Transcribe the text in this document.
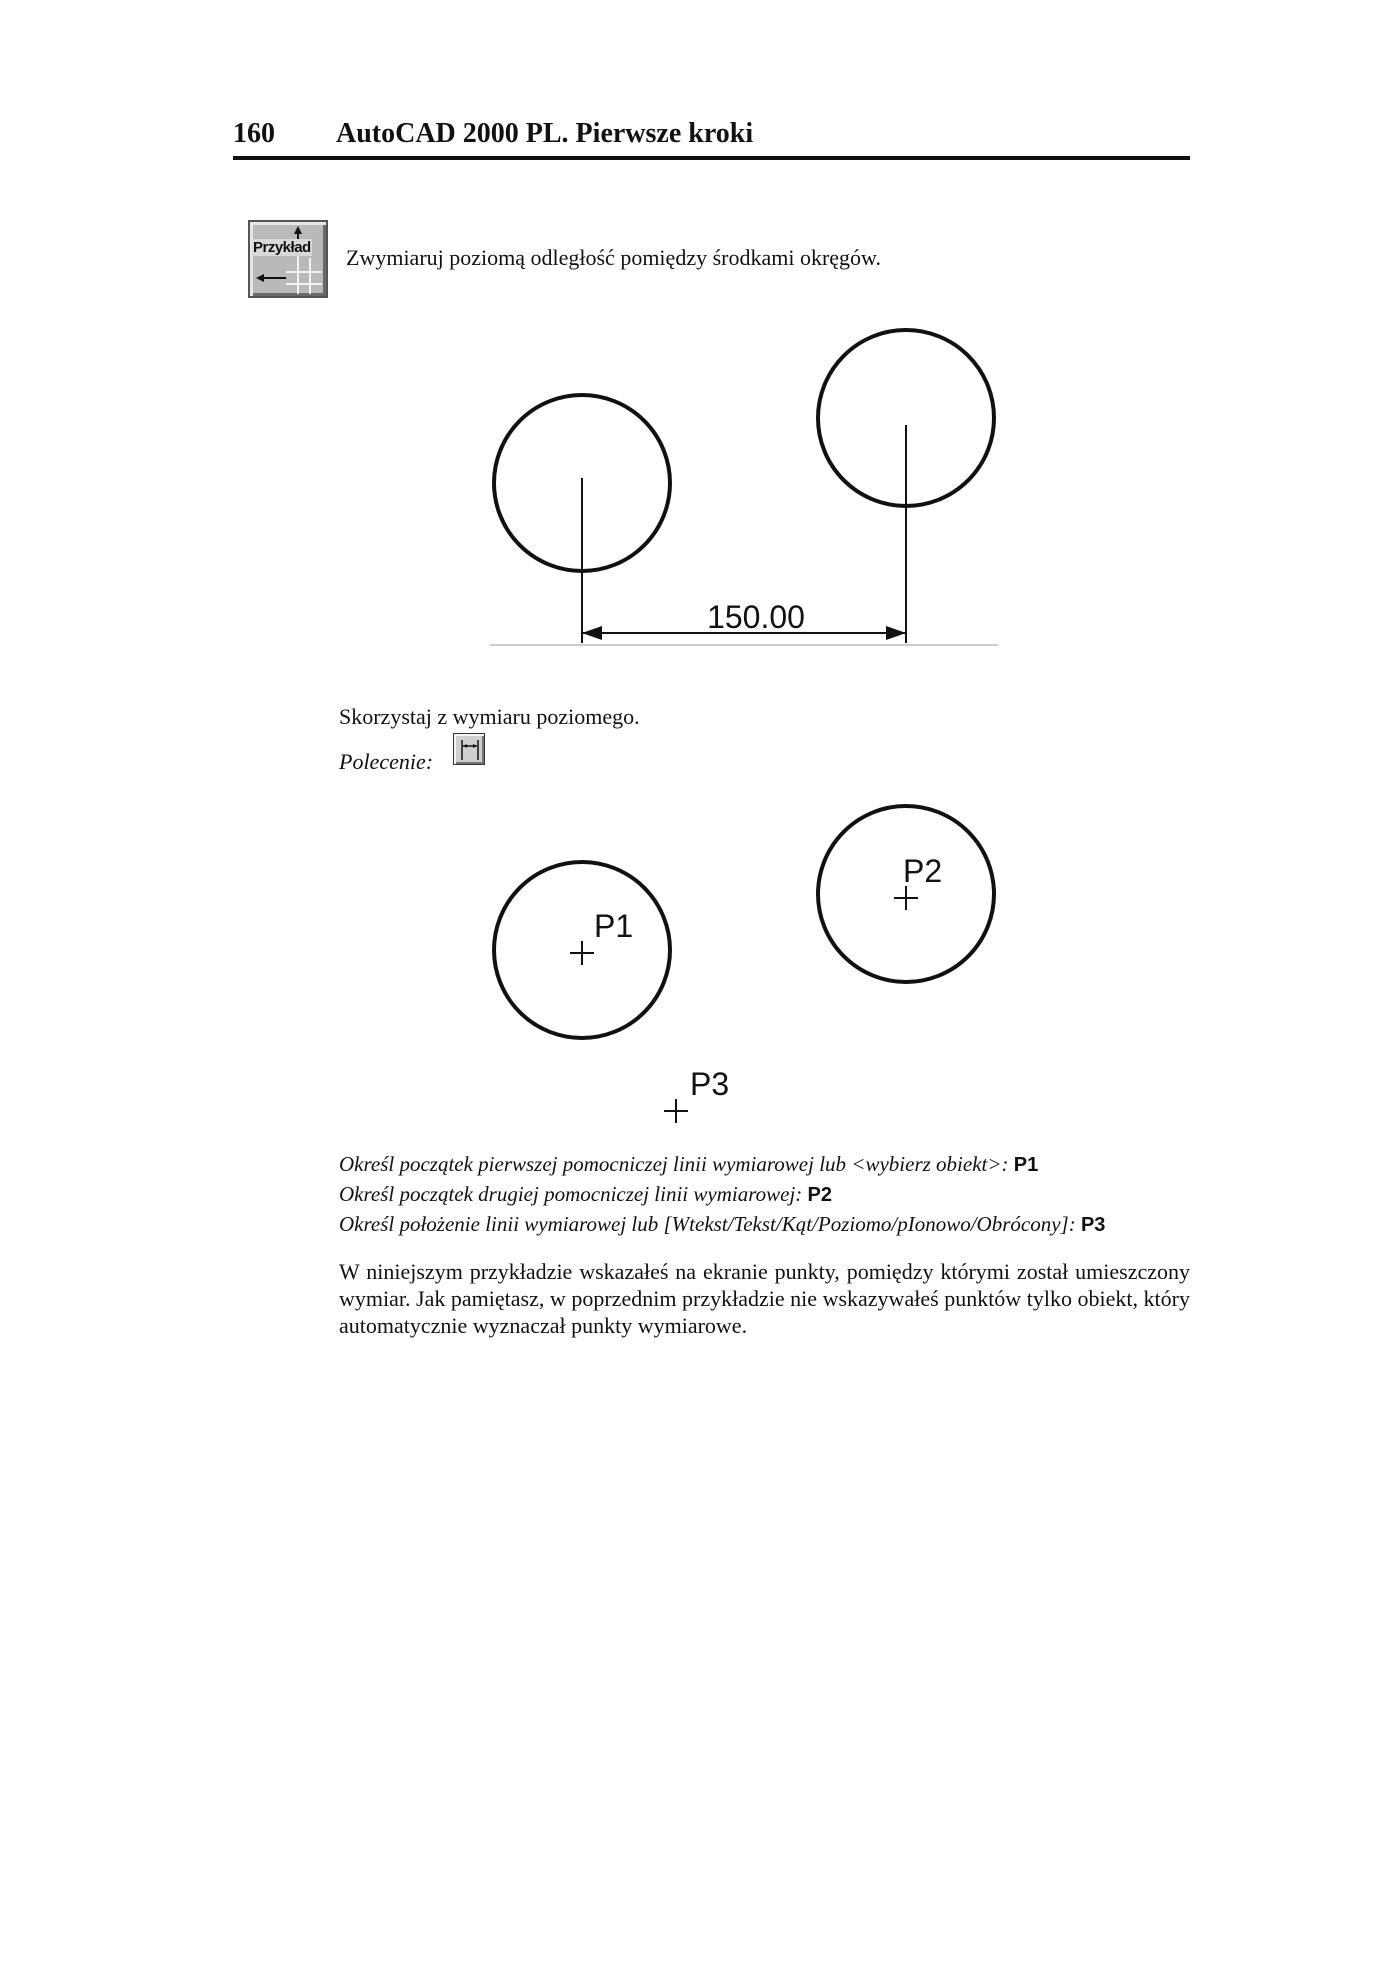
160 AutoCAD 2000 PL. Pierwsze kroki
Przykład Zwymiaruj poziomą odległość pomiędzy środkami okręgów.
150.00
Skorzystaj z wymiaru poziomego.
Polecenie:
P1
P2
P3
Określ początek pierwszej pomocniczej linii wymiarowej lub <wybierz obiekt>: P1
Określ początek drugiej pomocniczej linii wymiarowej: P2
Określ położenie linii wymiarowej lub [Wtekst/Tekst/Kąt/Poziomo/pIonowo/Obrócony]: P3
W niniejszym przykładzie wskazałeś na ekranie punkty, pomiędzy którymi został umieszczony wymiar. Jak pamiętasz, w poprzednim przykładzie nie wskazywałeś punktów tylko obiekt, który automatycznie wyznaczał punkty wymiarowe.
